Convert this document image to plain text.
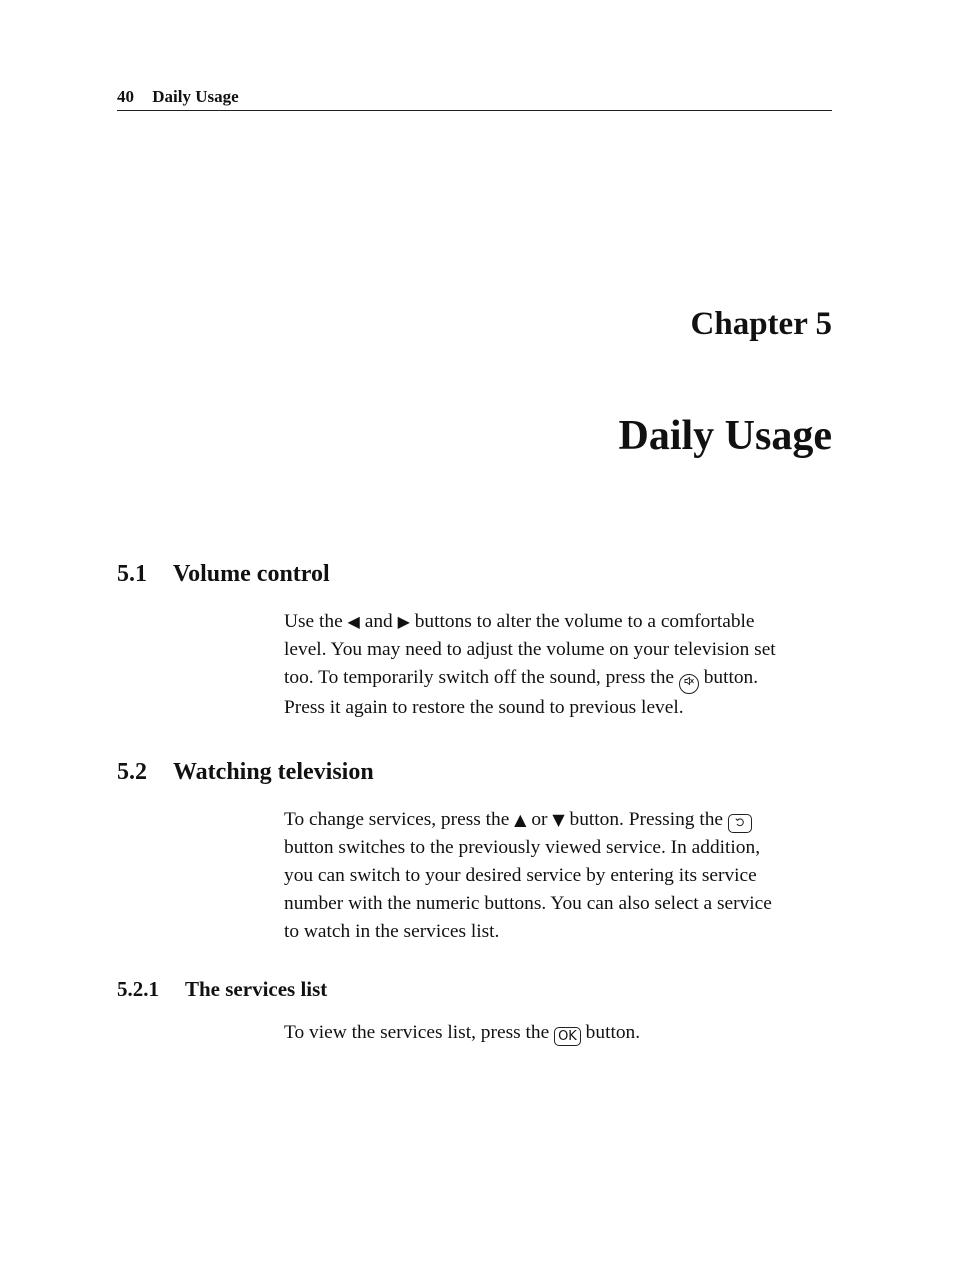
40 Daily Usage
Chapter 5
Daily Usage
5.1 Volume control
Use the ◀ and ▶ buttons to alter the volume to a comfortable
level. You may need to adjust the volume on your television set
too. To temporarily switch off the sound, press the  button.
Press it again to restore the sound to previous level.
5.2 Watching television
To change services, press the ▲ or ▼ button. Pressing the
button switches to the previously viewed service. In addition,
you can switch to your desired service by entering its service
number with the numeric buttons. You can also select a service
to watch in the services list.
5.2.1 The services list
To view the services list, press the OK button.
